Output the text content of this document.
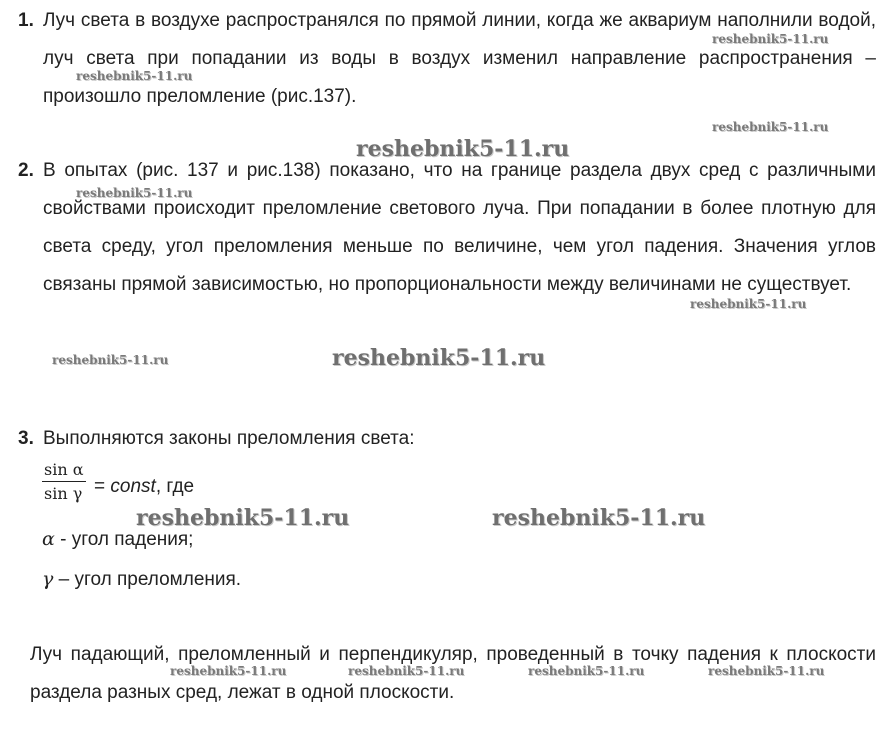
1. Луч света в воздухе распространялся по прямой линии, когда же аквариум наполнили водой, луч света при попадании из воды в воздух изменил направление распространения – произошло преломление (рис.137).
2. В опытах (рис. 137 и рис.138) показано, что на границе раздела двух сред с различными свойствами происходит преломление светового луча. При попадании в более плотную для света среду, угол преломления меньше по величине, чем угол падения. Значения углов связаны прямой зависимостью, но пропорциональности между величинами не существует.
3. Выполняются законы преломления света:
$\frac{\text{sin α}}{\text{sin γ}}$ = const, где
α - угол падения;
γ – угол преломления.
Луч падающий, преломленный и перпендикуляр, проведенный в точку падения к плоскости раздела разных сред, лежат в одной плоскости.
reshebnik5-11.ru
reshebnik5-11.ru
reshebnik5-11.ru
reshebnik5-11.ru
reshebnik5-11.ru
reshebnik5-11.ru
reshebnik5-11.ru	reshebnik5-11.ru
reshebnik5-11.ru	reshebnik5-11.ru
reshebnik5-11.ru	reshebnik5-11.ru	reshebnik5-11.ru	reshebnik5-11.ru
